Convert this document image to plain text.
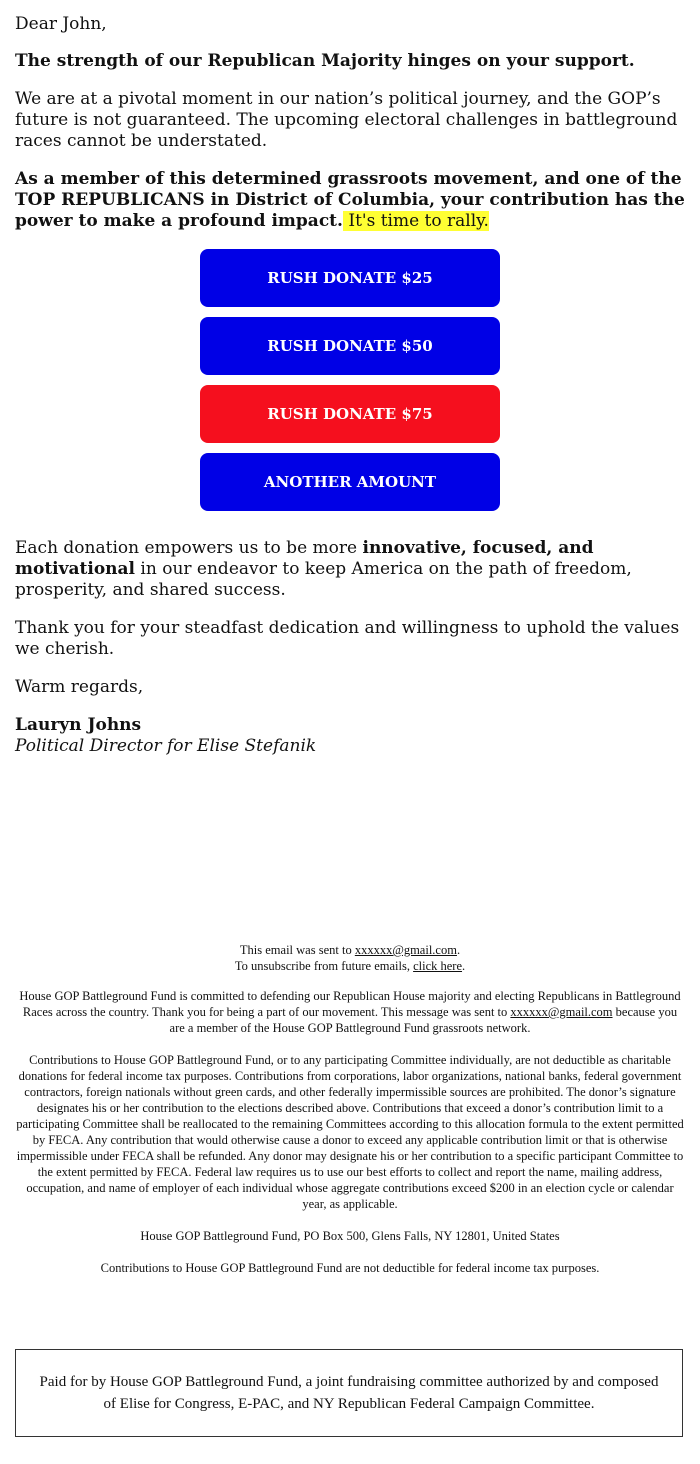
Dear John,

The strength of our Republican Majority hinges on your support.

We are at a pivotal moment in our nation’s political journey, and the GOP’s future is not guaranteed. The upcoming electoral challenges in battleground races cannot be understated.

As a member of this determined grassroots movement, and one of the TOP REPUBLICANS in District of Columbia, your contribution has the power to make a profound impact. It's time to rally.

RUSH DONATE $25
RUSH DONATE $50
RUSH DONATE $75
ANOTHER AMOUNT

Each donation empowers us to be more innovative, focused, and motivational in our endeavor to keep America on the path of freedom, prosperity, and shared success.

Thank you for your steadfast dedication and willingness to uphold the values we cherish.

Warm regards,

Lauryn Johns
Political Director for Elise Stefanik

This email was sent to xxxxxx@gmail.com.
To unsubscribe from future emails, click here.

House GOP Battleground Fund is committed to defending our Republican House majority and electing Republicans in Battleground Races across the country. Thank you for being a part of our movement. This message was sent to xxxxxx@gmail.com because you are a member of the House GOP Battleground Fund grassroots network.

Contributions to House GOP Battleground Fund, or to any participating Committee individually, are not deductible as charitable donations for federal income tax purposes. Contributions from corporations, labor organizations, national banks, federal government contractors, foreign nationals without green cards, and other federally impermissible sources are prohibited. The donor’s signature designates his or her contribution to the elections described above. Contributions that exceed a donor’s contribution limit to a participating Committee shall be reallocated to the remaining Committees according to this allocation formula to the extent permitted by FECA. Any contribution that would otherwise cause a donor to exceed any applicable contribution limit or that is otherwise impermissible under FECA shall be refunded. Any donor may designate his or her contribution to a specific participant Committee to the extent permitted by FECA. Federal law requires us to use our best efforts to collect and report the name, mailing address, occupation, and name of employer of each individual whose aggregate contributions exceed $200 in an election cycle or calendar year, as applicable.

House GOP Battleground Fund, PO Box 500, Glens Falls, NY 12801, United States

Contributions to House GOP Battleground Fund are not deductible for federal income tax purposes.

Paid for by House GOP Battleground Fund, a joint fundraising committee authorized by and composed of Elise for Congress, E-PAC, and NY Republican Federal Campaign Committee.
